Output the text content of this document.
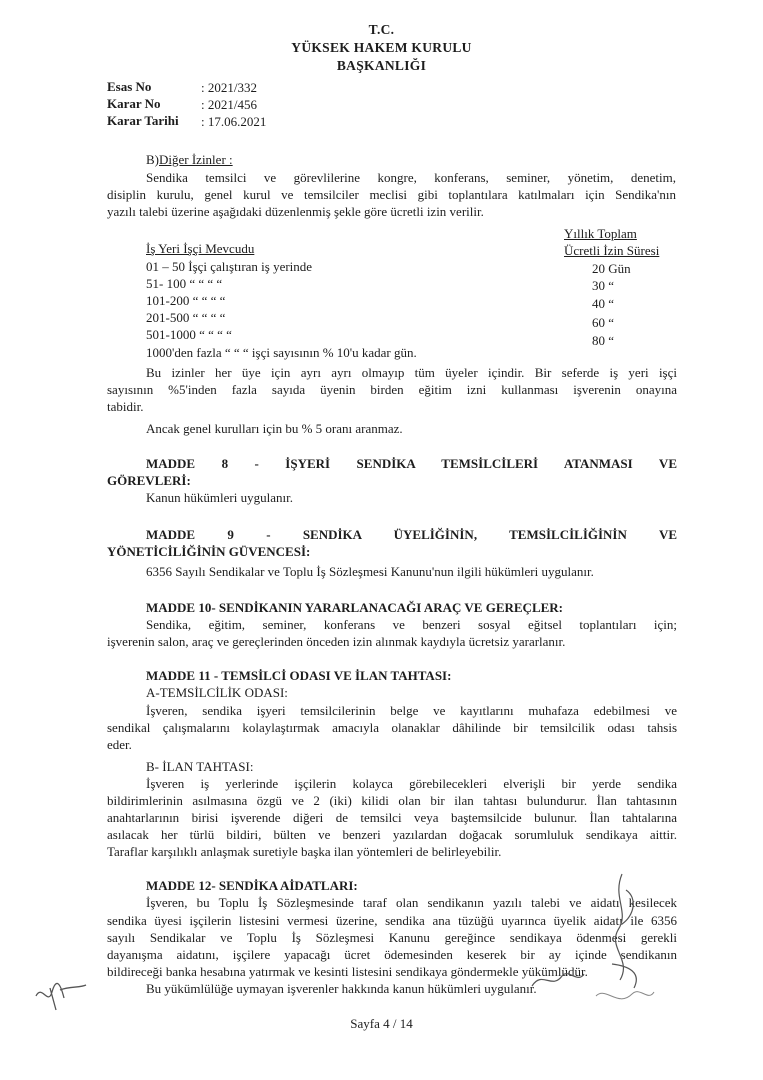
T.C.
YÜKSEK HAKEM KURULU
BAŞKANLIĞI
Esas No	: 2021/332
Karar No	: 2021/456
Karar Tarihi : 17.06.2021
B)Diğer İzinler :
Sendika temsilci ve görevlilerine kongre, konferans, seminer, yönetim, denetim,
disiplin kurulu, genel kurul ve temsilciler meclisi gibi toplantılara katılmaları için Sendika'nın
yazılı talebi üzerine aşağıdaki düzenlenmiş şekle göre ücretli izin verilir.
Yıllık Toplam
İş Yeri İşçi Mevcudu	Ücretli İzin Süresi
01 – 50 İşçi çalıştıran iş yerinde	20 Gün
51- 100 “ “ “ “	30 “
101-200 “ “ “ “	40 “
201-500 “ “ “ “	60 “
501-1000 “ “ “ “	80 “
1000'den fazla “ “ “ işçi sayısının % 10'u kadar gün.
Bu izinler her üye için ayrı ayrı olmayıp tüm üyeler içindir. Bir seferde iş yeri işçi
sayısının %5'inden fazla sayıda üyenin birden eğitim izni kullanması işverenin onayına
tabidir.
Ancak genel kurulları için bu % 5 oranı aranmaz.
MADDE 8 - İŞYERİ SENDİKA TEMSİLCİLERİ ATANMASI VE
GÖREVLERİ:
Kanun hükümleri uygulanır.
MADDE 9 - SENDİKA ÜYELİĞİNİN, TEMSİLCİLİĞİNİN VE
YÖNETİCİLİĞİNİN GÜVENCESİ:
6356 Sayılı Sendikalar ve Toplu İş Sözleşmesi Kanunu'nun ilgili hükümleri uygulanır.
MADDE 10- SENDİKANIN YARARLANACAĞI ARAÇ VE GEREÇLER:
Sendika, eğitim, seminer, konferans ve benzeri sosyal eğitsel toplantıları için;
işverenin salon, araç ve gereçlerinden önceden izin alınmak kaydıyla ücretsiz yararlanır.
MADDE 11 - TEMSİLCİ ODASI VE İLAN TAHTASI:
A-TEMSİLCİLİK ODASI:
İşveren, sendika işyeri temsilcilerinin belge ve kayıtlarını muhafaza edebilmesi ve
sendikal çalışmalarını kolaylaştırmak amacıyla olanaklar dâhilinde bir temsilcilik odası tahsis
eder.
B- İLAN TAHTASI:
İşveren iş yerlerinde işçilerin kolayca görebilecekleri elverişli bir yerde sendika
bildirimlerinin asılmasına özgü ve 2 (iki) kilidi olan bir ilan tahtası bulundurur. İlan tahtasının
anahtarlarının birisi işverende diğeri de temsilci veya baştemsilcide bulunur. İlan tahtalarına
asılacak her türlü bildiri, bülten ve benzeri yazılardan doğacak sorumluluk sendikaya aittir.
Taraflar karşılıklı anlaşmak suretiyle başka ilan yöntemleri de belirleyebilir.
MADDE 12- SENDİKA AİDATLARI:
İşveren, bu Toplu İş Sözleşmesinde taraf olan sendikanın yazılı talebi ve aidatı kesilecek
sendika üyesi işçilerin listesini vermesi üzerine, sendika ana tüzüğü uyarınca üyelik aidatı ile 6356
sayılı Sendikalar ve Toplu İş Sözleşmesi Kanunu gereğince sendikaya ödenmesi gerekli
dayanışma aidatını, işçilere yapacağı ücret ödemesinden keserek bir ay içinde sendikanın
bildireceği banka hesabına yatırmak ve kesinti listesini sendikaya göndermekle yükümlüdür.
Bu yükümlülüğe uymayan işverenler hakkında kanun hükümleri uygulanır.
Sayfa 4 / 14
